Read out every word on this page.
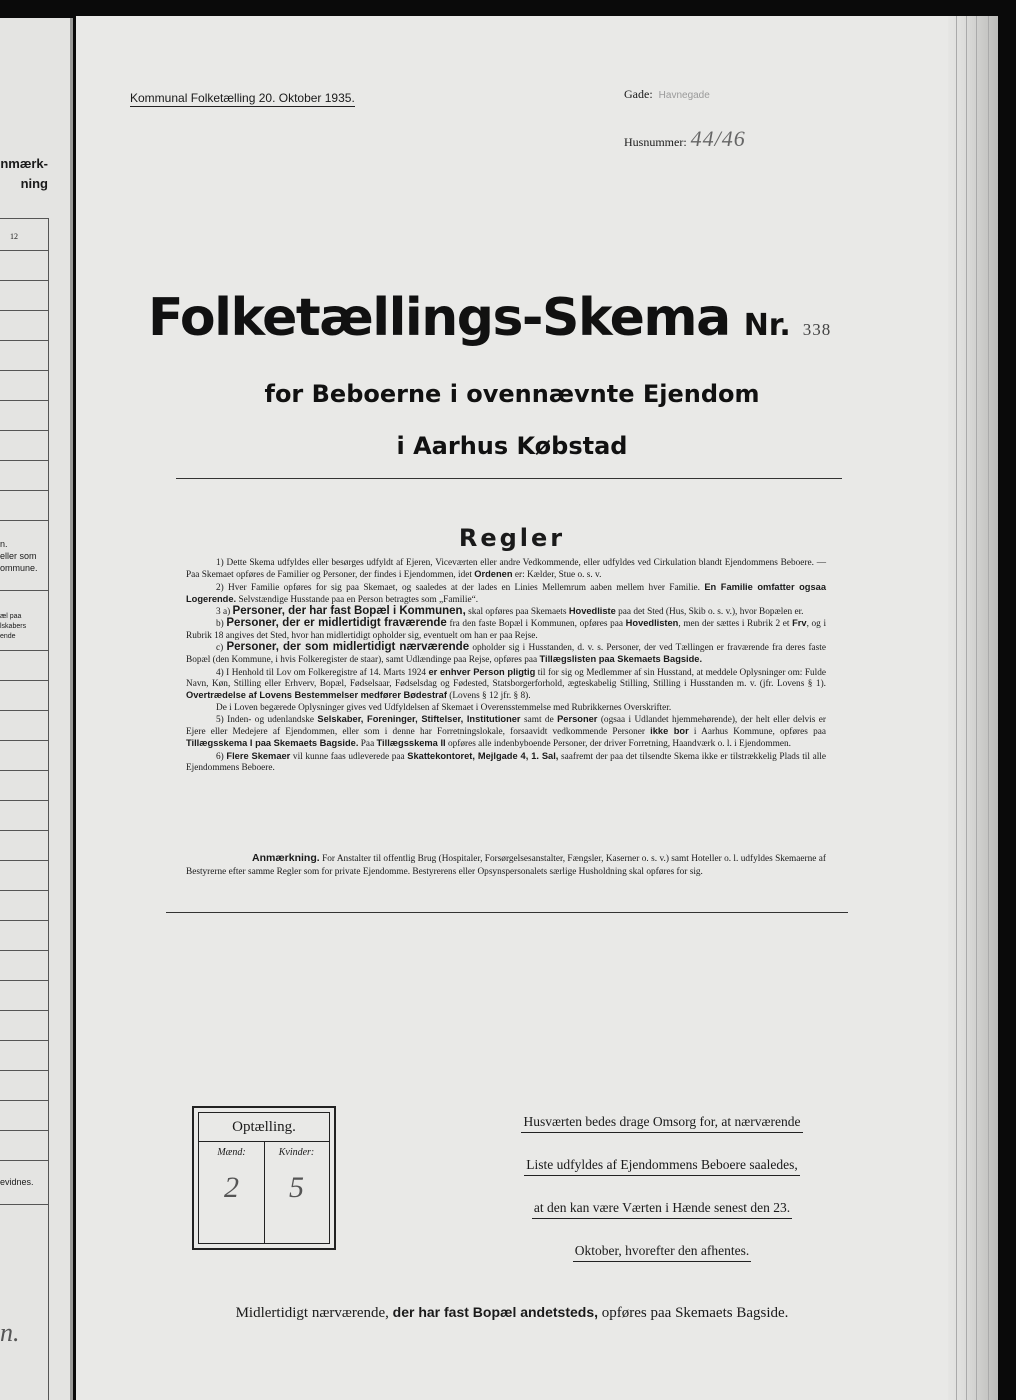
nmærk-
ning
12
n.
eller som
ommune.
æl paa
lskabers
ende
evidnes.
n.
Kommunal Folketælling 20. Oktober 1935.	Gade: Havnegade
Husnummer: 44/46
Folketællings-Skema Nr. 338
for Beboerne i ovennævnte Ejendom
i Aarhus Købstad
Regler

1) Dette Skema udfyldes eller besørges udfyldt af Ejeren, Viceværten eller andre Vedkommende, eller udfyldes ved Cirkulation blandt Ejendommens Beboere. — Paa Skemaet opføres de Familier og Personer, der findes i Ejendommen, idet Ordenen er: Kælder, Stue o. s. v.

2) Hver Familie opføres for sig paa Skemaet, og saaledes at der lades en Linies Mellemrum aaben mellem hver Familie. En Familie omfatter ogsaa Logerende. Selvstændige Husstande paa en Person betragtes som „Familie“.

3 a) Personer, der har fast Bopæl i Kommunen, skal opføres paa Skemaets Hovedliste paa det Sted (Hus, Skib o. s. v.), hvor Bopælen er.

b) Personer, der er midlertidigt fraværende fra den faste Bopæl i Kommunen, opføres paa Hovedlisten, men der sættes i Rubrik 2 et Frv, og i Rubrik 18 angives det Sted, hvor han midlertidigt opholder sig, eventuelt om han er paa Rejse.

c) Personer, der som midlertidigt nærværende opholder sig i Husstanden, d. v. s. Personer, der ved Tællingen er fraværende fra deres faste Bopæl (den Kommune, i hvis Folkeregister de staar), samt Udlændinge paa Rejse, opføres paa Tillægslisten paa Skemaets Bagside.

4) I Henhold til Lov om Folkeregistre af 14. Marts 1924 er enhver Person pligtig til for sig og Medlemmer af sin Husstand, at meddele Oplysninger om: Fulde Navn, Køn, Stilling eller Erhverv, Bopæl, Fødselsaar, Fødselsdag og Fødested, Statsborgerforhold, ægteskabelig Stilling, Stilling i Husstanden m. v. (jfr. Lovens § 1). Overtrædelse af Lovens Bestemmelser medfører Bødestraf (Lovens § 12 jfr. § 8).

De i Loven begærede Oplysninger gives ved Udfyldelsen af Skemaet i Overensstemmelse med Rubrikkernes Overskrifter.

5) Inden- og udenlandske Selskaber, Foreninger, Stiftelser, Institutioner samt de Personer (ogsaa i Udlandet hjemmehørende), der helt eller delvis er Ejere eller Medejere af Ejendommen, eller som i denne har Forretningslokale, forsaavidt vedkommende Personer ikke bor i Aarhus Kommune, opføres paa Tillægsskema I paa Skemaets Bagside. Paa Tillægsskema II opføres alle indenbyboende Personer, der driver Forretning, Haandværk o. l. i Ejendommen.

6) Flere Skemaer vil kunne faas udleverede paa Skattekontoret, Mejlgade 4, 1. Sal, saafremt der paa det tilsendte Skema ikke er tilstrækkelig Plads til alle Ejendommens Beboere.

Anmærkning. For Anstalter til offentlig Brug (Hospitaler, Forsørgelsesanstalter, Fængsler, Kaserner o. s. v.) samt Hoteller o. l. udfyldes Skemaerne af Bestyrerne efter samme Regler som for private Ejendomme. Bestyrerens eller Opsynspersonalets særlige Husholdning skal opføres for sig.
Optælling.
Mænd:	Kvinder:
2	5
Husværten bedes drage Omsorg for, at nærværende Liste udfyldes af Ejendommens Beboere saaledes, at den kan være Værten i Hænde senest den 23. Oktober, hvorefter den afhentes.
Midlertidigt nærværende, der har fast Bopæl andetsteds, opføres paa Skemaets Bagside.
